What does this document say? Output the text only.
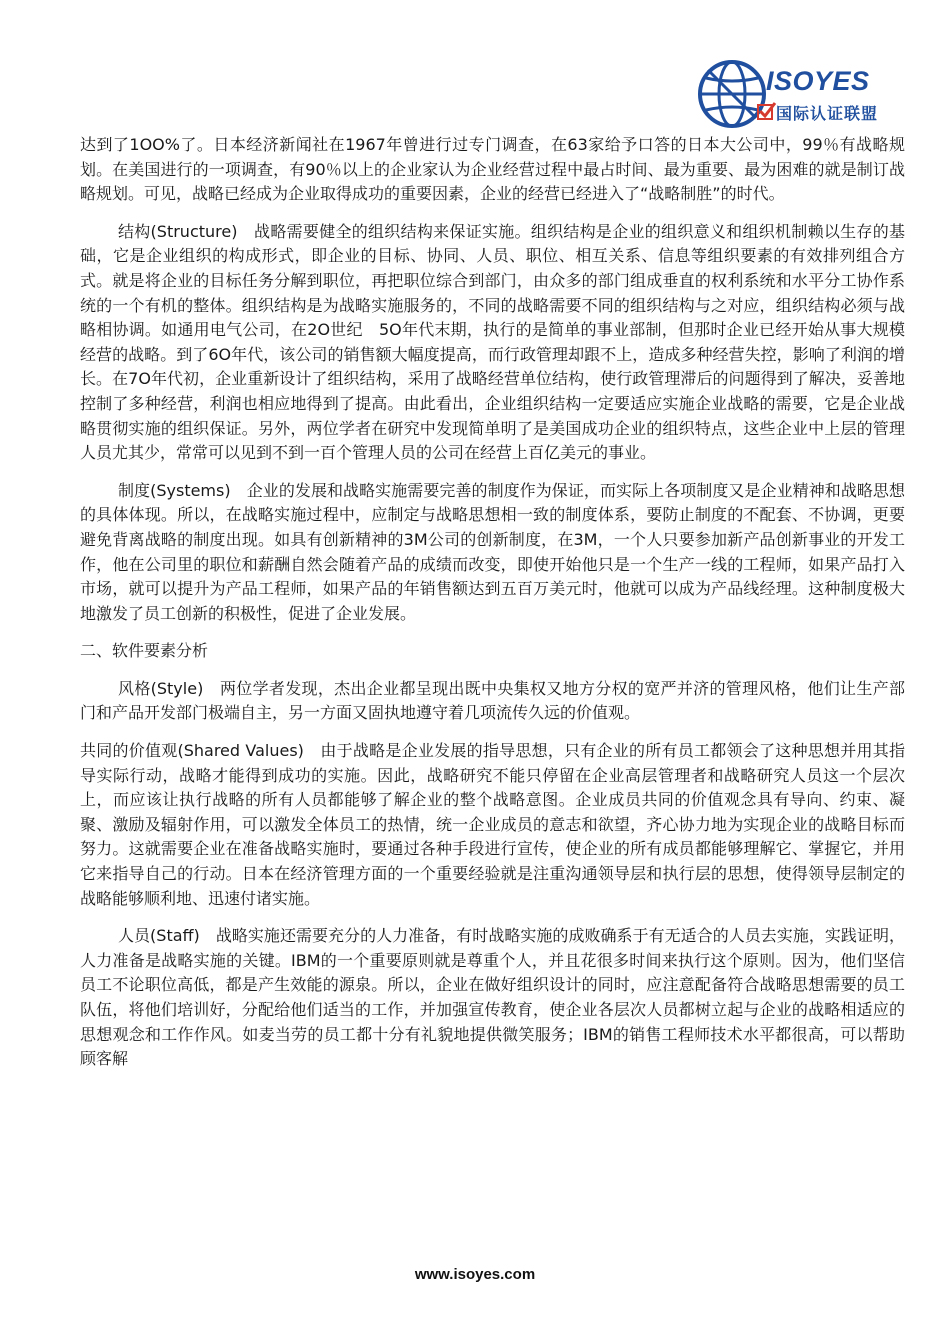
ISOYES
国际认证联盟

达到了1OO%了。日本经济新闻社在1967年曾进行过专门调查，在63家给予口答的日本大公司中，99％有战略规划。在美国进行的一项调查，有90％以上的企业家认为企业经营过程中最占时间、最为重要、最为困难的就是制订战略规划。可见，战略已经成为企业取得成功的重要因素，企业的经营已经进入了“战略制胜”的时代。

结构(Structure)　战略需要健全的组织结构来保证实施。组织结构是企业的组织意义和组织机制赖以生存的基础，它是企业组织的构成形式，即企业的目标、协同、人员、职位、相互关系、信息等组织要素的有效排列组合方式。就是将企业的目标任务分解到职位，再把职位综合到部门，由众多的部门组成垂直的权利系统和水平分工协作系统的一个有机的整体。组织结构是为战略实施服务的，不同的战略需要不同的组织结构与之对应，组织结构必须与战略相协调。如通用电气公司，在2O世纪　5O年代末期，执行的是简单的事业部制，但那时企业已经开始从事大规模经营的战略。到了6O年代，该公司的销售额大幅度提高，而行政管理却跟不上，造成多种经营失控，影响了利润的增长。在7O年代初，企业重新设计了组织结构，采用了战略经营单位结构，使行政管理滞后的问题得到了解决，妥善地控制了多种经营，利润也相应地得到了提高。由此看出，企业组织结构一定要适应实施企业战略的需要，它是企业战略贯彻实施的组织保证。另外，两位学者在研究中发现简单明了是美国成功企业的组织特点，这些企业中上层的管理人员尤其少，常常可以见到不到一百个管理人员的公司在经营上百亿美元的事业。

制度(Systems)　企业的发展和战略实施需要完善的制度作为保证，而实际上各项制度又是企业精神和战略思想的具体体现。所以，在战略实施过程中，应制定与战略思想相一致的制度体系，要防止制度的不配套、不协调，更要避免背离战略的制度出现。如具有创新精神的3M公司的创新制度，在3M，一个人只要参加新产品创新事业的开发工作，他在公司里的职位和薪酬自然会随着产品的成绩而改变，即使开始他只是一个生产一线的工程师，如果产品打入市场，就可以提升为产品工程师，如果产品的年销售额达到五百万美元时，他就可以成为产品线经理。这种制度极大地激发了员工创新的积极性，促进了企业发展。

二、软件要素分析

风格(Style)　两位学者发现，杰出企业都呈现出既中央集权又地方分权的宽严并济的管理风格，他们让生产部门和产品开发部门极端自主，另一方面又固执地遵守着几项流传久远的价值观。

共同的价值观(Shared Values)　由于战略是企业发展的指导思想，只有企业的所有员工都领会了这种思想并用其指导实际行动，战略才能得到成功的实施。因此，战略研究不能只停留在企业高层管理者和战略研究人员这一个层次上，而应该让执行战略的所有人员都能够了解企业的整个战略意图。企业成员共同的价值观念具有导向、约束、凝聚、激励及辐射作用，可以激发全体员工的热情，统一企业成员的意志和欲望，齐心协力地为实现企业的战略目标而努力。这就需要企业在准备战略实施时，要通过各种手段进行宣传，使企业的所有成员都能够理解它、掌握它，并用它来指导自己的行动。日本在经济管理方面的一个重要经验就是注重沟通领导层和执行层的思想，使得领导层制定的战略能够顺利地、迅速付诸实施。

人员(Staff)　战略实施还需要充分的人力准备，有时战略实施的成败确系于有无适合的人员去实施，实践证明，人力准备是战略实施的关键。IBM的一个重要原则就是尊重个人，并且花很多时间来执行这个原则。因为，他们坚信员工不论职位高低，都是产生效能的源泉。所以，企业在做好组织设计的同时，应注意配备符合战略思想需要的员工队伍，将他们培训好，分配给他们适当的工作，并加强宣传教育，使企业各层次人员都树立起与企业的战略相适应的思想观念和工作作风。如麦当劳的员工都十分有礼貌地提供微笑服务；IBM的销售工程师技术水平都很高，可以帮助顾客解

www.isoyes.com
